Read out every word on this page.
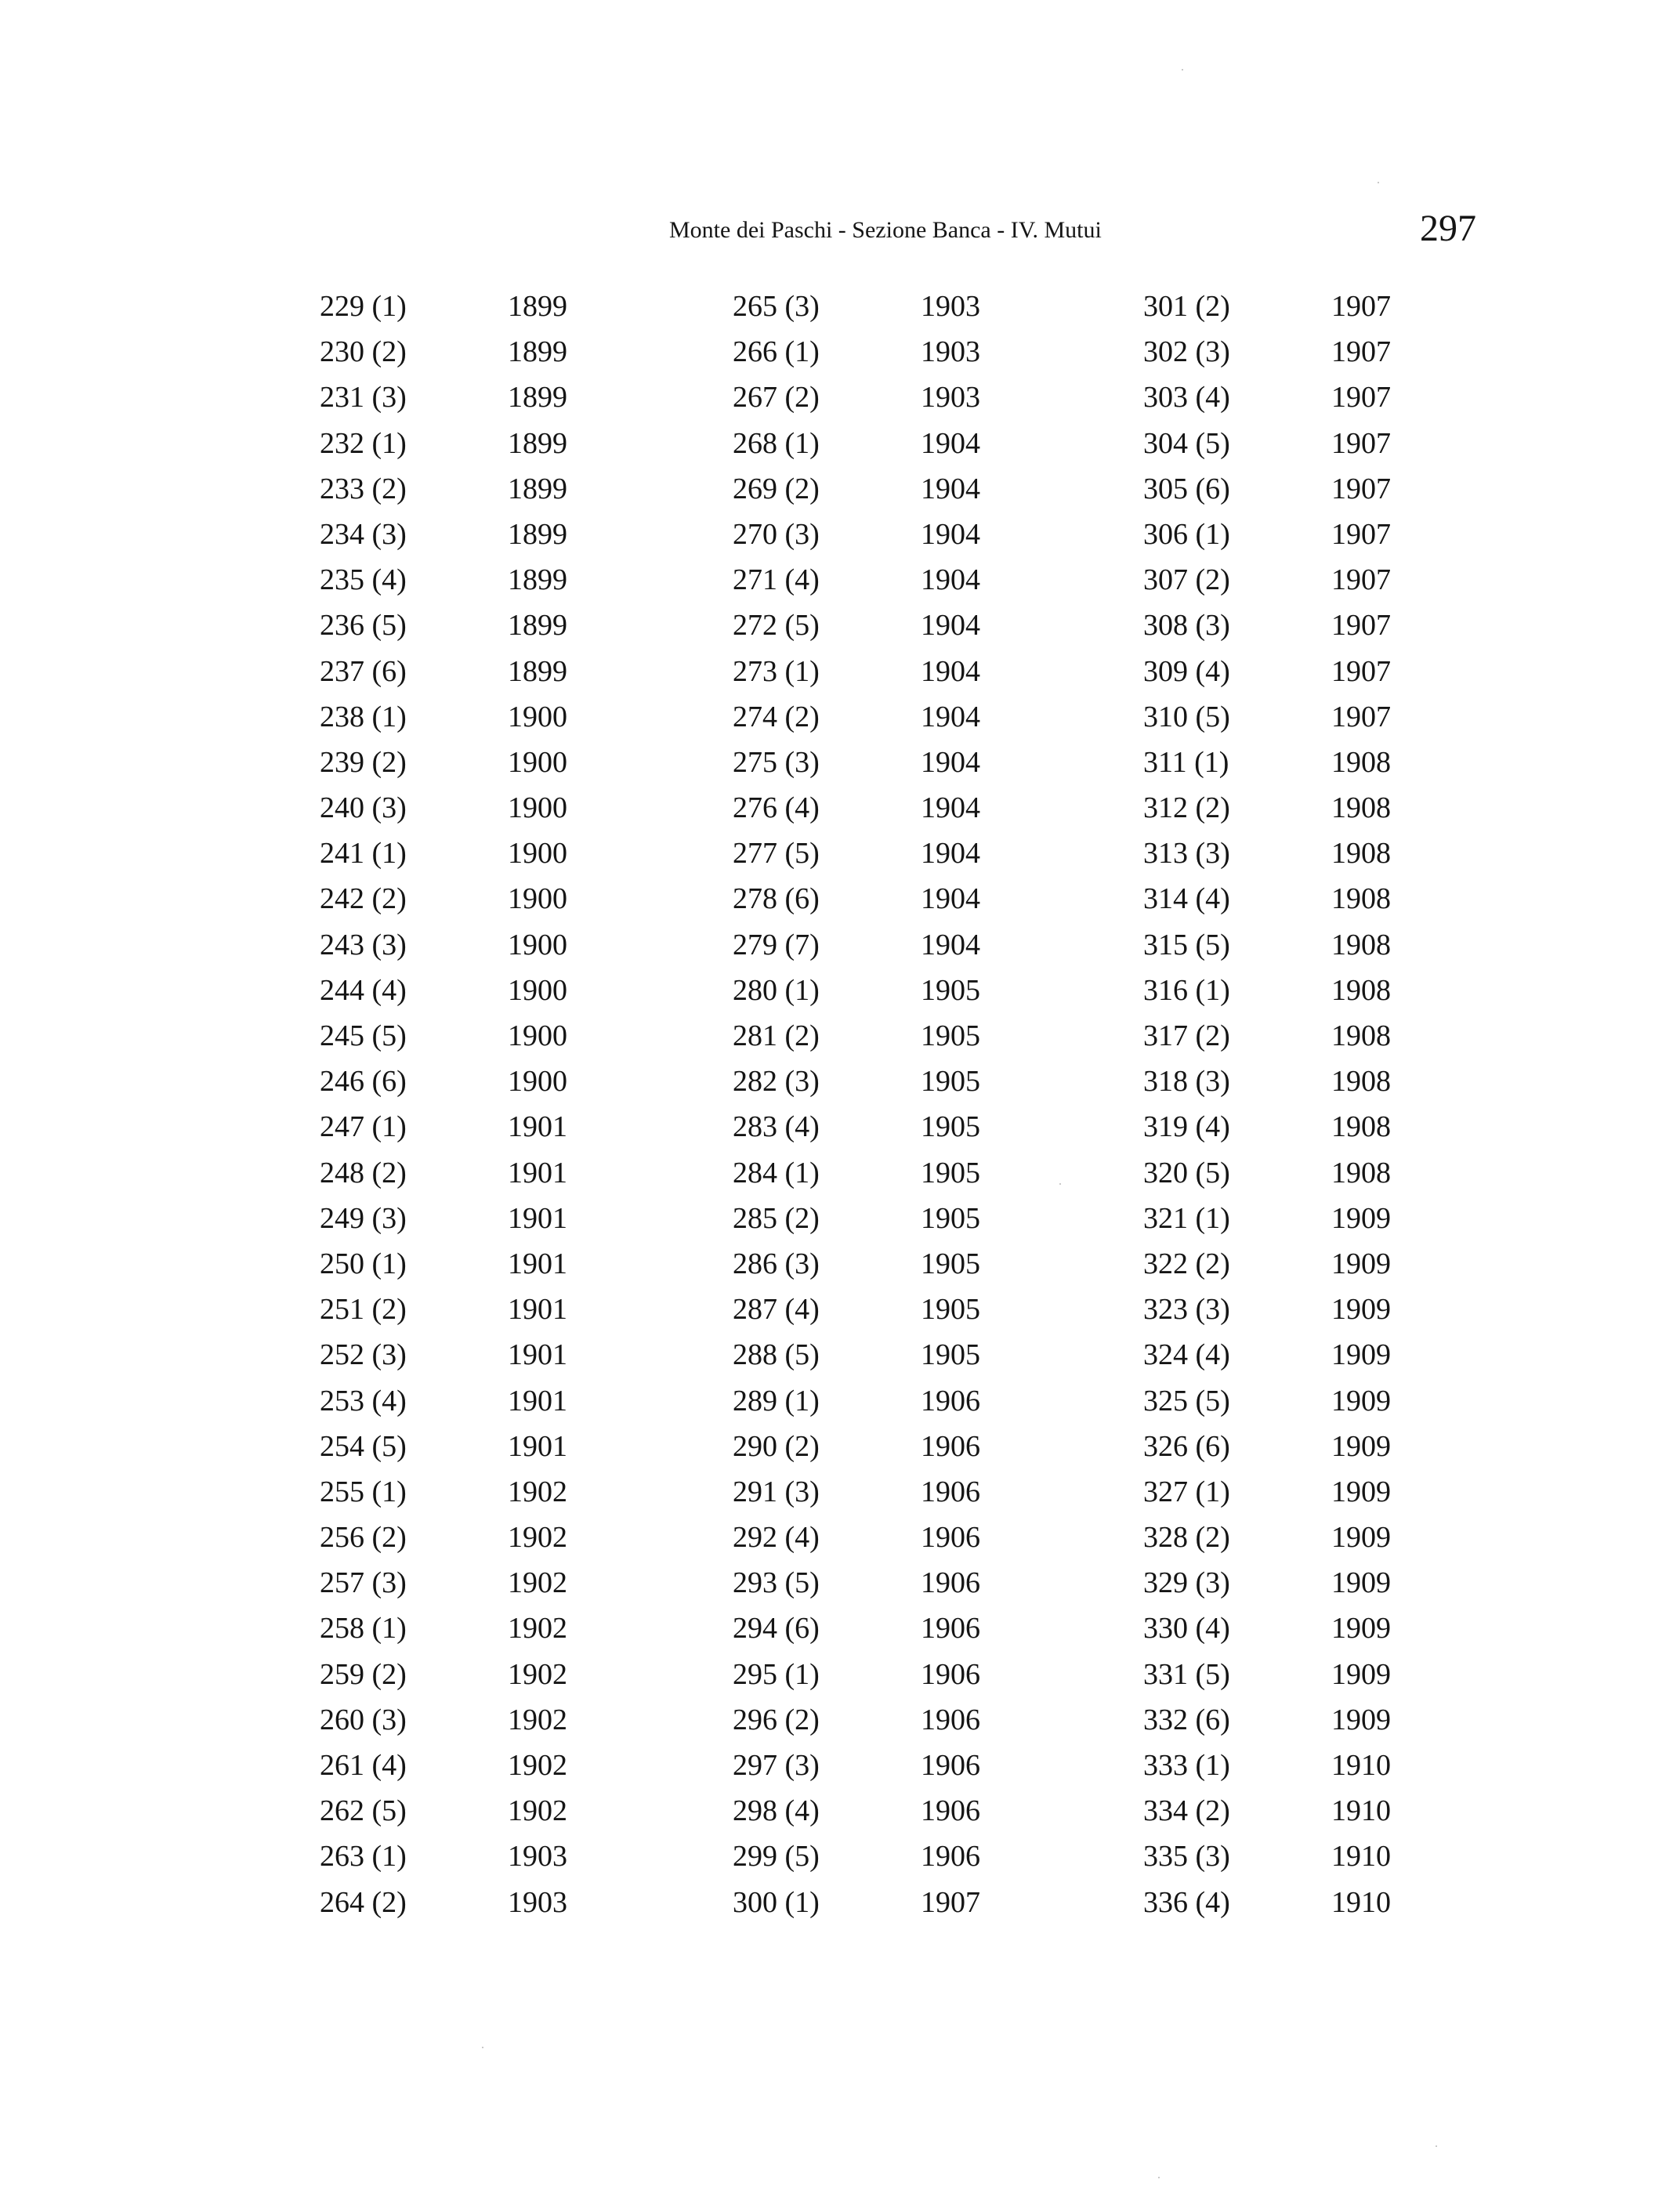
Monte dei Paschi - Sezione Banca - IV. Mutui	297
229 (1)	1899
230 (2)	1899
231 (3)	1899
232 (1)	1899
233 (2)	1899
234 (3)	1899
235 (4)	1899
236 (5)	1899
237 (6)	1899
238 (1)	1900
239 (2)	1900
240 (3)	1900
241 (1)	1900
242 (2)	1900
243 (3)	1900
244 (4)	1900
245 (5)	1900
246 (6)	1900
247 (1)	1901
248 (2)	1901
249 (3)	1901
250 (1)	1901
251 (2)	1901
252 (3)	1901
253 (4)	1901
254 (5)	1901
255 (1)	1902
256 (2)	1902
257 (3)	1902
258 (1)	1902
259 (2)	1902
260 (3)	1902
261 (4)	1902
262 (5)	1902
263 (1)	1903
264 (2)	1903
265 (3)	1903
266 (1)	1903
267 (2)	1903
268 (1)	1904
269 (2)	1904
270 (3)	1904
271 (4)	1904
272 (5)	1904
273 (1)	1904
274 (2)	1904
275 (3)	1904
276 (4)	1904
277 (5)	1904
278 (6)	1904
279 (7)	1904
280 (1)	1905
281 (2)	1905
282 (3)	1905
283 (4)	1905
284 (1)	1905
285 (2)	1905
286 (3)	1905
287 (4)	1905
288 (5)	1905
289 (1)	1906
290 (2)	1906
291 (3)	1906
292 (4)	1906
293 (5)	1906
294 (6)	1906
295 (1)	1906
296 (2)	1906
297 (3)	1906
298 (4)	1906
299 (5)	1906
300 (1)	1907
301 (2)	1907
302 (3)	1907
303 (4)	1907
304 (5)	1907
305 (6)	1907
306 (1)	1907
307 (2)	1907
308 (3)	1907
309 (4)	1907
310 (5)	1907
311 (1)	1908
312 (2)	1908
313 (3)	1908
314 (4)	1908
315 (5)	1908
316 (1)	1908
317 (2)	1908
318 (3)	1908
319 (4)	1908
320 (5)	1908
321 (1)	1909
322 (2)	1909
323 (3)	1909
324 (4)	1909
325 (5)	1909
326 (6)	1909
327 (1)	1909
328 (2)	1909
329 (3)	1909
330 (4)	1909
331 (5)	1909
332 (6)	1909
333 (1)	1910
334 (2)	1910
335 (3)	1910
336 (4)	1910
